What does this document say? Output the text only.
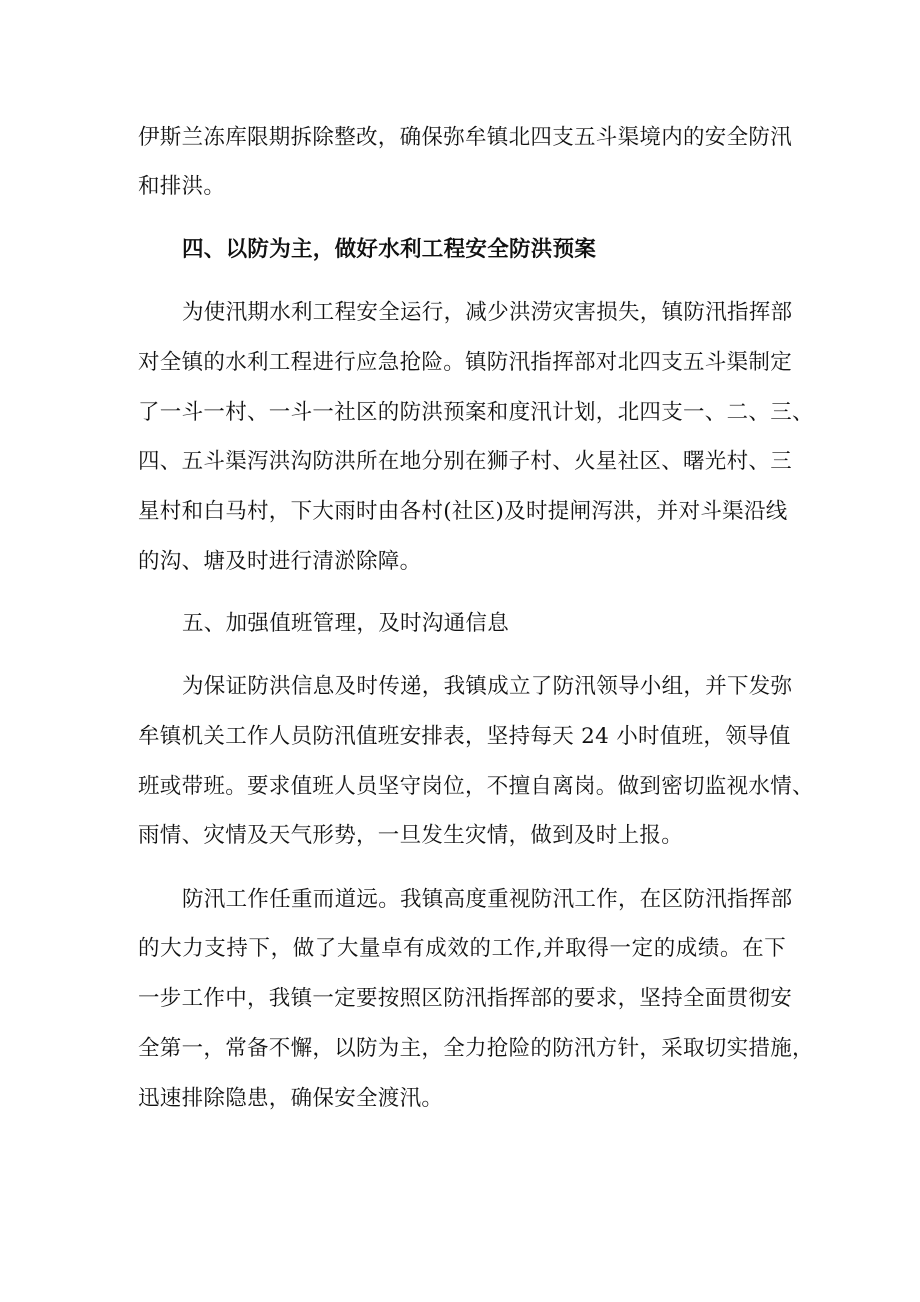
伊斯兰冻库限期拆除整改，确保弥牟镇北四支五斗渠境内的安全防汛
和排洪。
四、以防为主，做好水利工程安全防洪预案
为使汛期水利工程安全运行，减少洪涝灾害损失，镇防汛指挥部
对全镇的水利工程进行应急抢险。镇防汛指挥部对北四支五斗渠制定
了一斗一村、一斗一社区的防洪预案和度汛计划，北四支一、二、三、
四、五斗渠泻洪沟防洪所在地分别在狮子村、火星社区、曙光村、三
星村和白马村，下大雨时由各村(社区)及时提闸泻洪，并对斗渠沿线
的沟、塘及时进行清淤除障。
五、加强值班管理，及时沟通信息
为保证防洪信息及时传递，我镇成立了防汛领导小组，并下发弥
牟镇机关工作人员防汛值班安排表，坚持每天 24 小时值班，领导值
班或带班。要求值班人员坚守岗位，不擅自离岗。做到密切监视水情、
雨情、灾情及天气形势，一旦发生灾情，做到及时上报。
防汛工作任重而道远。我镇高度重视防汛工作，在区防汛指挥部
的大力支持下，做了大量卓有成效的工作,并取得一定的成绩。在下
一步工作中，我镇一定要按照区防汛指挥部的要求，坚持全面贯彻安
全第一，常备不懈，以防为主，全力抢险的防汛方针，采取切实措施，
迅速排除隐患，确保安全渡汛。
